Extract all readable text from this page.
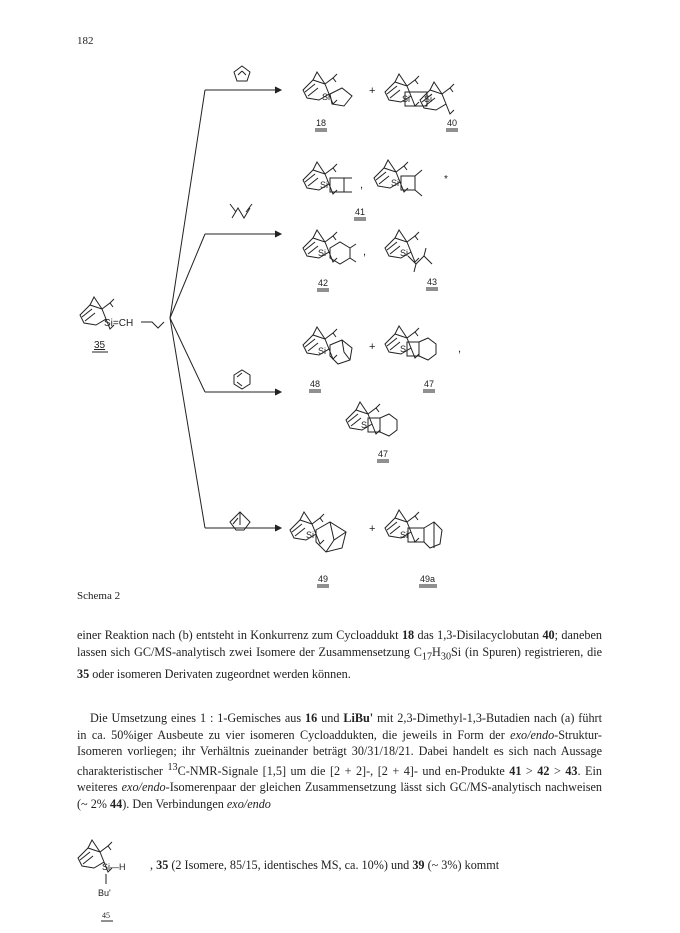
182
Si=CH
35
Si
18
+
Si Si
40
Si	,	Si	*
41
Si
42
,	Si
43
Si
48
+	Si
47
,
Si
47
Si
49
+	Si
49a
Schema 2
einer Reaktion nach (b) entsteht in Konkurrenz zum Cycloaddukt 18 das 1,3-Disilacyclobutan 40; daneben lassen sich GC/MS-analytisch zwei Isomere der Zusammensetzung $C_{17}H_{30}Si$ (in Spuren) registrieren, die 35 oder isomeren Derivaten zugeordnet werden können.
Die Umsetzung eines 1 : 1-Gemisches aus 16 und LiBu' mit 2,3-Dimethyl-1,3-Butadien nach (a) führt in ca. 50%iger Ausbeute zu vier isomeren Cycloaddukten, die jeweils in Form der exo/endo-Struktur-Isomeren vorliegen; ihr Verhältnis zueinander beträgt 30/31/18/21. Dabei handelt es sich nach Aussage charakteristischer $^{13}$C-NMR-Signale [1,5] um die [2 + 2]-, [2 + 4]- und en-Produkte 41 > 42 > 43. Ein weiteres exo/endo-Isomerenpaar der gleichen Zusammensetzung lässt sich GC/MS-analytisch nachweisen (~ 2% 44). Den Verbindungen exo/endo
Si—H
Bu'
45
, 35 (2 Isomere, 85/15, identisches MS, ca. 10%) und 39 (~ 3%) kommt
